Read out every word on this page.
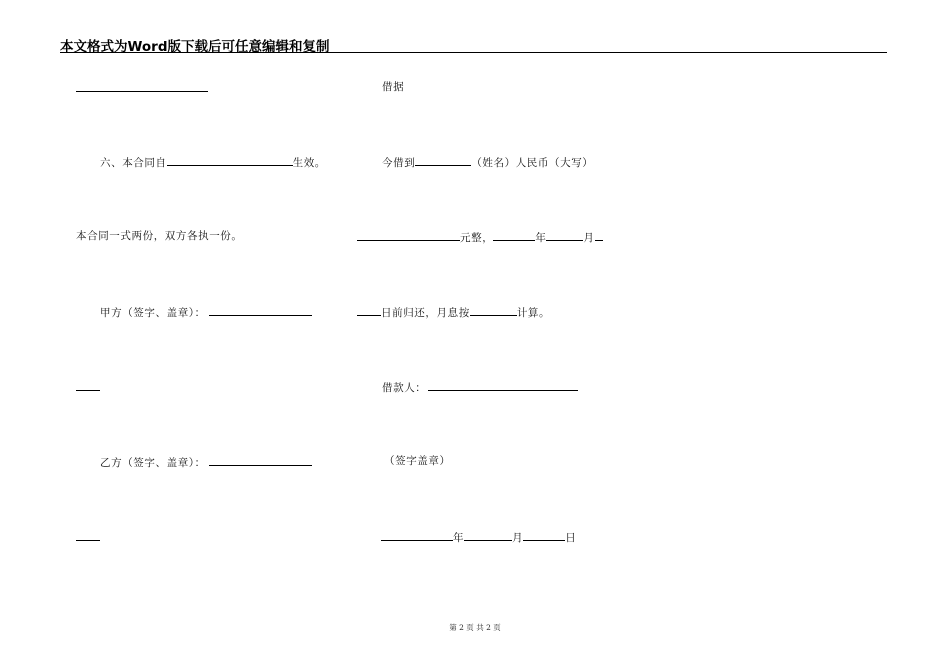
本文格式为Word版下载后可任意编辑和复制
六、本合同自	生效。
本合同一式两份，双方各执一份。
甲方（签字、盖章）：
乙方（签字、盖章）：
借据
今借到	（姓名）人民币（大写）
元整，	年	月
日前归还，月息按	计算。
借款人：
（签字盖章）
年	月	日
第 2 页 共 2 页
